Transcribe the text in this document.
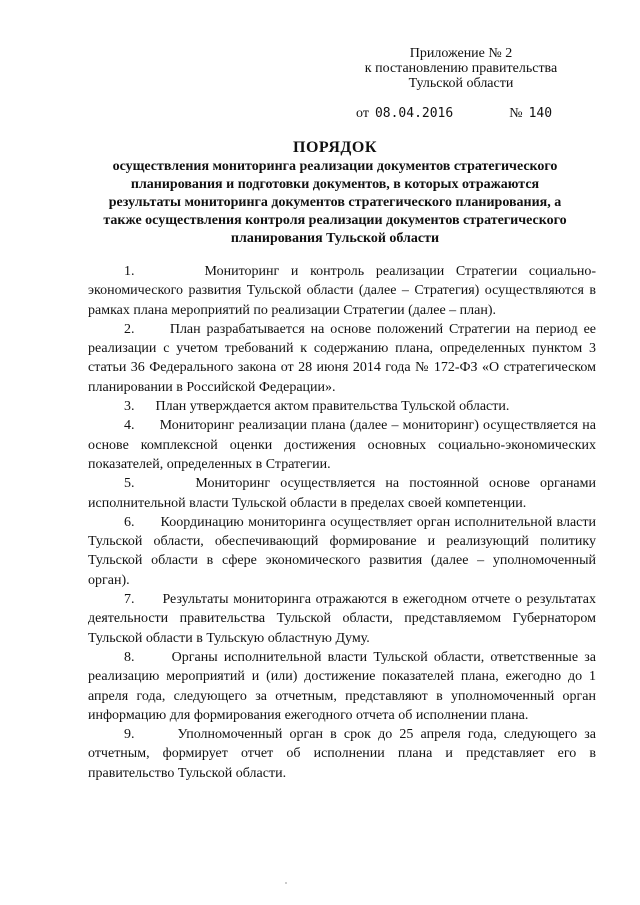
Приложение № 2
к постановлению правительства
Тульской области
от 08.04.2016	№ 140
ПОРЯДОК
осуществления мониторинга реализации документов стратегического
планирования и подготовки документов, в которых отражаются
результаты мониторинга документов стратегического планирования, а
также осуществления контроля реализации документов стратегического
планирования Тульской области

1.	Мониторинг и контроль реализации Стратегии социально-экономического развития Тульской области (далее – Стратегия) осуществляются в рамках плана мероприятий по реализации Стратегии (далее – план).

2.	План разрабатывается на основе положений Стратегии на период ее реализации с учетом требований к содержанию плана, определенных пунктом 3 статьи 36 Федерального закона от 28 июня 2014 года № 172-ФЗ «О стратегическом планировании в Российской Федерации».

3. План утверждается актом правительства Тульской области.

4. Мониторинг реализации плана (далее – мониторинг) осуществляется на основе комплексной оценки достижения основных социально-экономических показателей, определенных в Стратегии.

5.	Мониторинг осуществляется на постоянной основе органами исполнительной власти Тульской области в пределах своей компетенции.

6. Координацию мониторинга осуществляет орган исполнительной власти Тульской области, обеспечивающий формирование и реализующий политику Тульской области в сфере экономического развития (далее – уполномоченный орган).

7. Результаты мониторинга отражаются в ежегодном отчете о результатах деятельности правительства Тульской области, представляемом Губернатором Тульской области в Тульскую областную Думу.

8.	Органы исполнительной власти Тульской области, ответственные за реализацию мероприятий и (или) достижение показателей плана, ежегодно до 1 апреля года, следующего за отчетным, представляют в уполномоченный орган информацию для формирования ежегодного отчета об исполнении плана.

9.	Уполномоченный орган в срок до 25 апреля года, следующего за отчетным, формирует отчет об исполнении плана и представляет его в правительство Тульской области.
